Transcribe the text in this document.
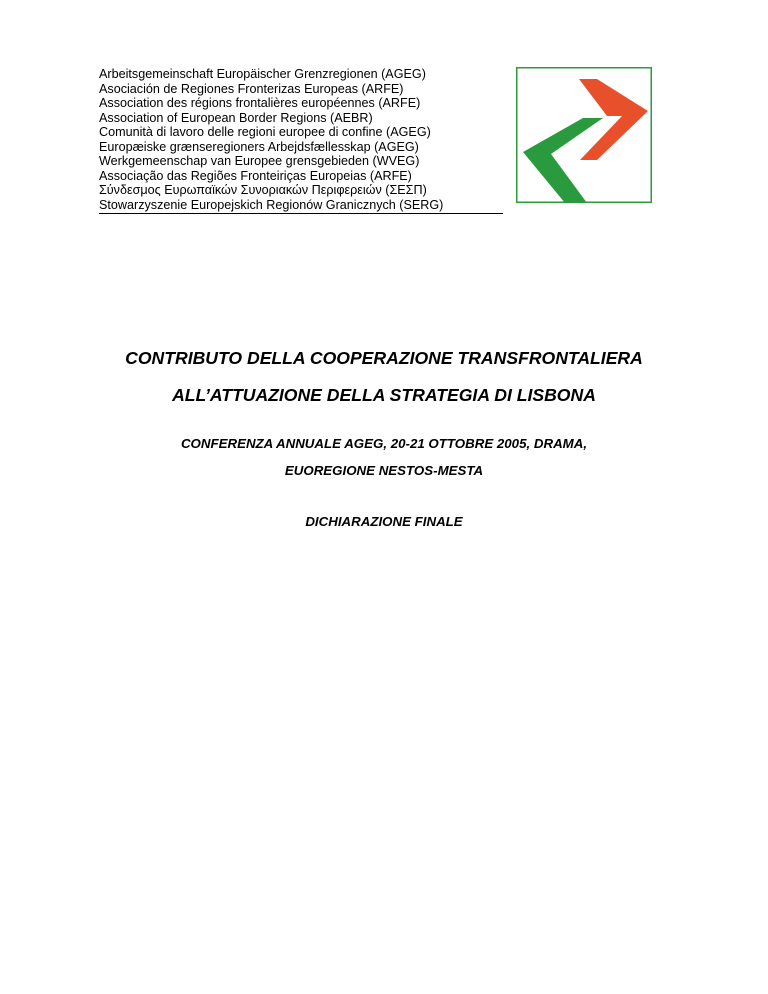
Arbeitsgemeinschaft Europäischer Grenzregionen (AGEG)
Asociación de Regiones Fronterizas Europeas (ARFE)
Association des régions frontalières européennes (ARFE)
Association of European Border Regions (AEBR)
Comunità di lavoro delle regioni europee di confine (AGEG)
Europæiske grænseregioners Arbejdsfællesskap (AGEG)
Werkgemeenschap van Europee grensgebieden (WVEG)
Associação das Regiões Fronteiriças Europeias (ARFE)
Σύνδεσμος Ευρωπαϊκών Συνοριακών Περιφερειών (ΣΕΣΠ)
Stowarzyszenie Europejskich Regionów Granicznych (SERG)
CONTRIBUTO DELLA COOPERAZIONE TRANSFRONTALIERA
ALL’ATTUAZIONE DELLA STRATEGIA DI LISBONA
CONFERENZA ANNUALE AGEG, 20-21 OTTOBRE 2005, DRAMA,
EUOREGIONE NESTOS-MESTA
DICHIARAZIONE FINALE
